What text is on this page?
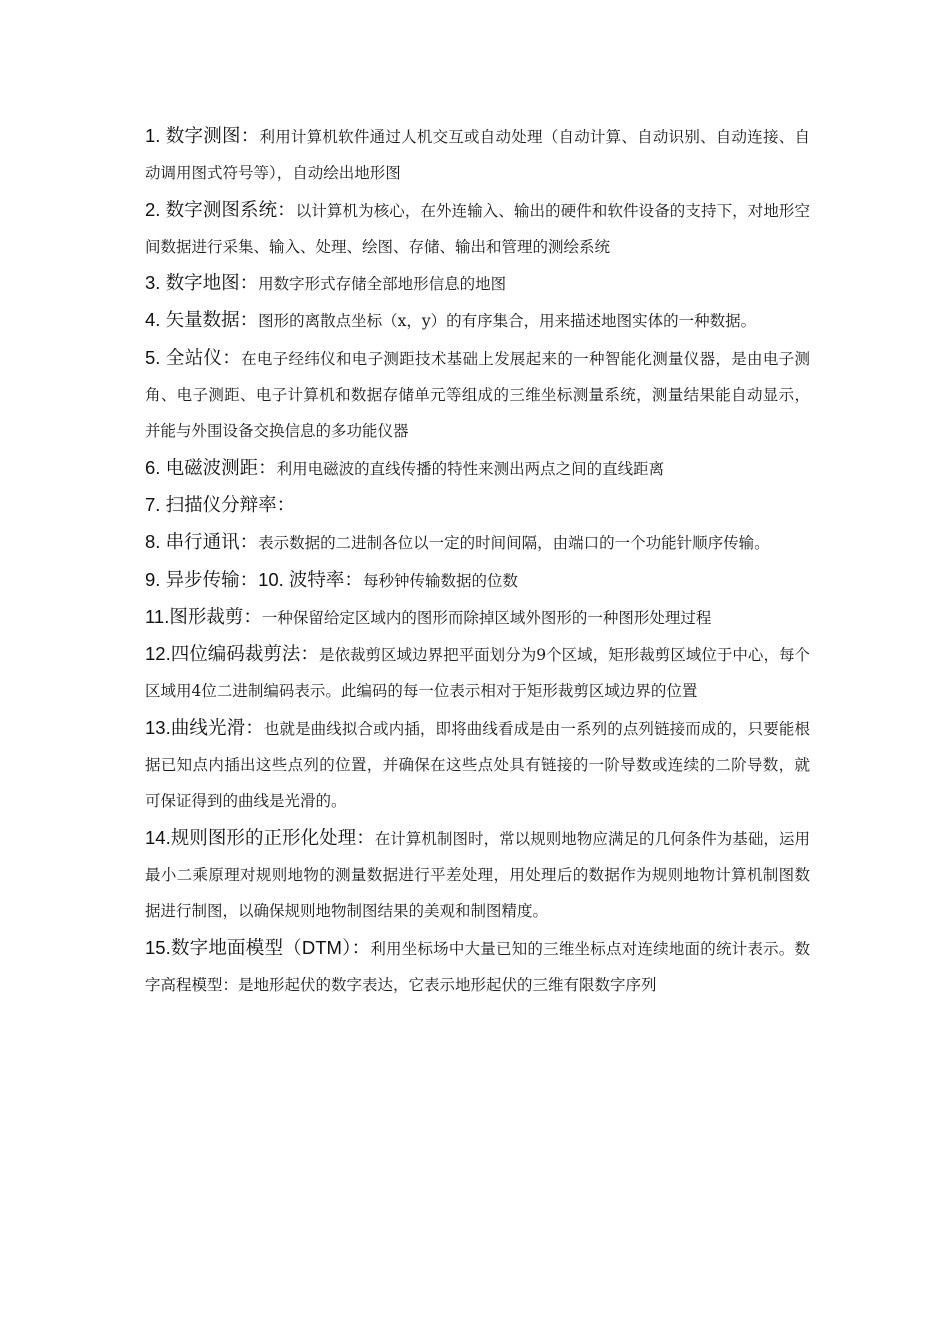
1. 数字测图：利用计算机软件通过人机交互或自动处理（自动计算、自动识别、自动连接、自动调用图式符号等），自动绘出地形图

2. 数字测图系统：以计算机为核心，在外连输入、输出的硬件和软件设备的支持下，对地形空间数据进行采集、输入、处理、绘图、存储、输出和管理的测绘系统

3. 数字地图：用数字形式存储全部地形信息的地图

4. 矢量数据：图形的离散点坐标（x，y）的有序集合，用来描述地图实体的一种数据。

5. 全站仪：在电子经纬仪和电子测距技术基础上发展起来的一种智能化测量仪器，是由电子测角、电子测距、电子计算机和数据存储单元等组成的三维坐标测量系统，测量结果能自动显示，并能与外围设备交换信息的多功能仪器

6. 电磁波测距：利用电磁波的直线传播的特性来测出两点之间的直线距离

7. 扫描仪分辩率：

8. 串行通讯：表示数据的二进制各位以一定的时间间隔，由端口的一个功能针顺序传输。

9. 异步传输：10. 波特率：每秒钟传输数据的位数

11.图形裁剪：一种保留给定区域内的图形而除掉区域外图形的一种图形处理过程

12.四位编码裁剪法：是依裁剪区域边界把平面划分为9个区域，矩形裁剪区域位于中心，每个区域用4位二进制编码表示。此编码的每一位表示相对于矩形裁剪区域边界的位置

13.曲线光滑：也就是曲线拟合或内插，即将曲线看成是由一系列的点列链接而成的，只要能根据已知点内插出这些点列的位置，并确保在这些点处具有链接的一阶导数或连续的二阶导数，就可保证得到的曲线是光滑的。

14.规则图形的正形化处理：在计算机制图时，常以规则地物应满足的几何条件为基础，运用最小二乘原理对规则地物的测量数据进行平差处理，用处理后的数据作为规则地物计算机制图数据进行制图，以确保规则地物制图结果的美观和制图精度。

15.数字地面模型（DTM）：利用坐标场中大量已知的三维坐标点对连续地面的统计表示。数字高程模型：是地形起伏的数字表达，它表示地形起伏的三维有限数字序列
